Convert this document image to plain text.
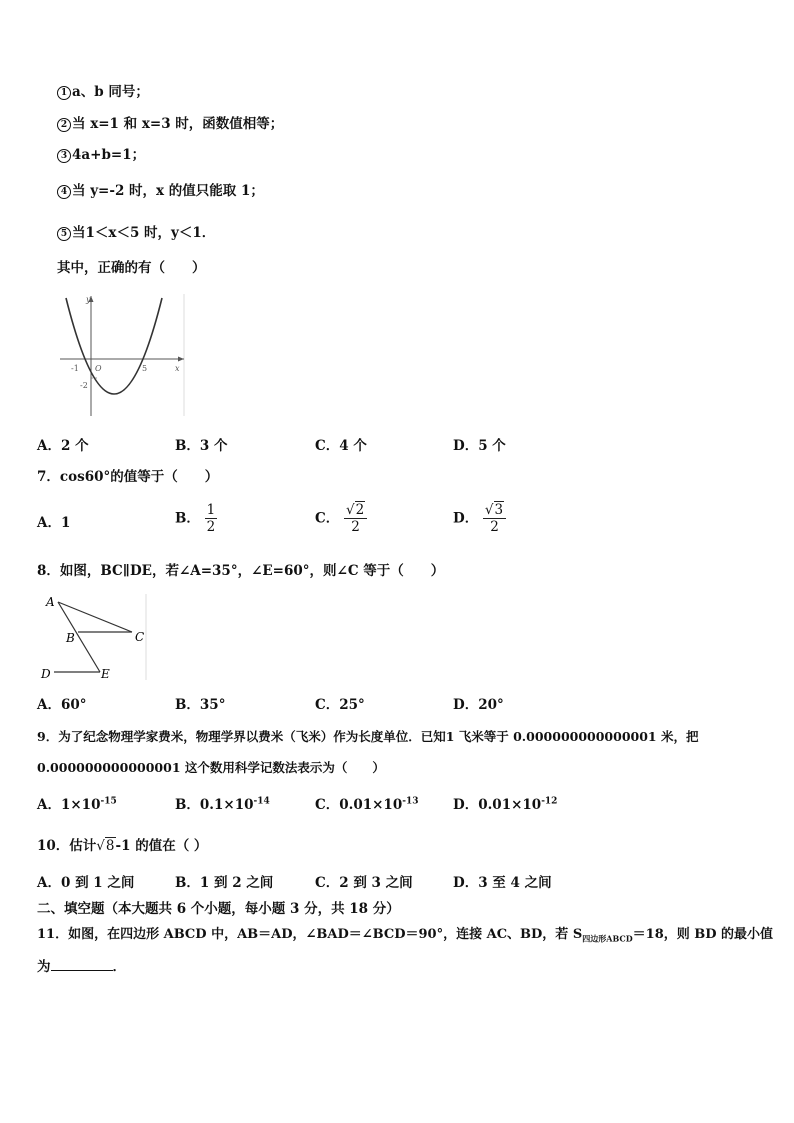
1 a、b 同号；
2 当 x=1 和 x=3 时，函数值相等；
3 4a+b=1；
4 当 y=-2 时，x 的值只能取 1；
5 当1＜x＜5 时，y＜1．
其中，正确的有（　　）
y
x
-1 O	5
-2
A．2 个	B．3 个	C．4 个	D．5 个
7．cos60°的值等于（　　）
A．1	B． $\frac{1}{2}$	C． $\frac{√2}{2}$	D． $\frac{√3}{2}$
8．如图，BC∥DE，若∠A=35°，∠E=60°，则∠C 等于（　　）
A
B	C
D	E
A．60°	B．35°	C．25°	D．20°
9．为了纪念物理学家费米，物理学界以费米（飞米）作为长度单位．已知1 飞米等于 0.000000000000001 米，把
0.000000000000001 这个数用科学记数法表示为（　　）
A．$1\times 10^{-15}$	B．$0.1\times 10^{-14}$	C．$0.01\times 10^{-13}$	D．$0.01\times 10^{-12}$
10．估计√8-1 的值在（ ）
A．0 到 1 之间	B．1 到 2 之间	C．2 到 3 之间	D．3 至 4 之间
二、填空题（本大题共 6 个小题，每小题 3 分，共 18 分）
11．如图，在四边形 ABCD 中，AB＝AD，∠BAD＝∠BCD＝90°，连接 AC、BD，若 $S_{四边形ABCD}=18$，则 BD 的最小值
为	．
